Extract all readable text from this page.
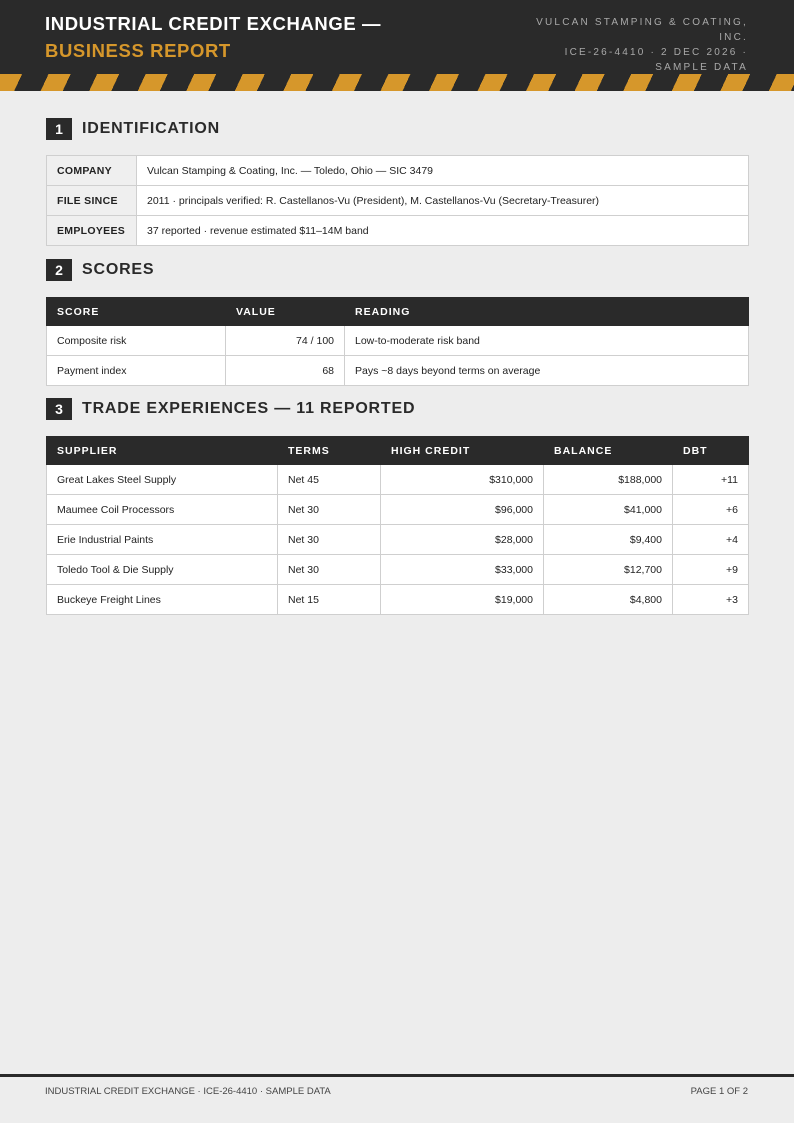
INDUSTRIAL CREDIT EXCHANGE — BUSINESS REPORT
VULCAN STAMPING & COATING, INC.
ICE-26-4410 · 2 DEC 2026 · SAMPLE DATA
1	IDENTIFICATION
COMPANY	Vulcan Stamping & Coating, Inc. — Toledo, Ohio — SIC 3479
FILE SINCE	2011 · principals verified: R. Castellanos-Vu (President), M. Castellanos-Vu (Secretary-Treasurer)
EMPLOYEES	37 reported · revenue estimated $11–14M band
2	SCORES
SCORE	VALUE	READING
Composite risk	74 / 100	Low-to-moderate risk band
Payment index	68	Pays ~8 days beyond terms on average
3	TRADE EXPERIENCES — 11 REPORTED
SUPPLIER	TERMS	HIGH CREDIT	BALANCE	DBT
Great Lakes Steel Supply	Net 45	$310,000	$188,000	+11
Maumee Coil Processors	Net 30	$96,000	$41,000	+6
Erie Industrial Paints	Net 30	$28,000	$9,400	+4
Toledo Tool & Die Supply	Net 30	$33,000	$12,700	+9
Buckeye Freight Lines	Net 15	$19,000	$4,800	+3
INDUSTRIAL CREDIT EXCHANGE · ICE-26-4410 · SAMPLE DATA	PAGE 1 OF 2
